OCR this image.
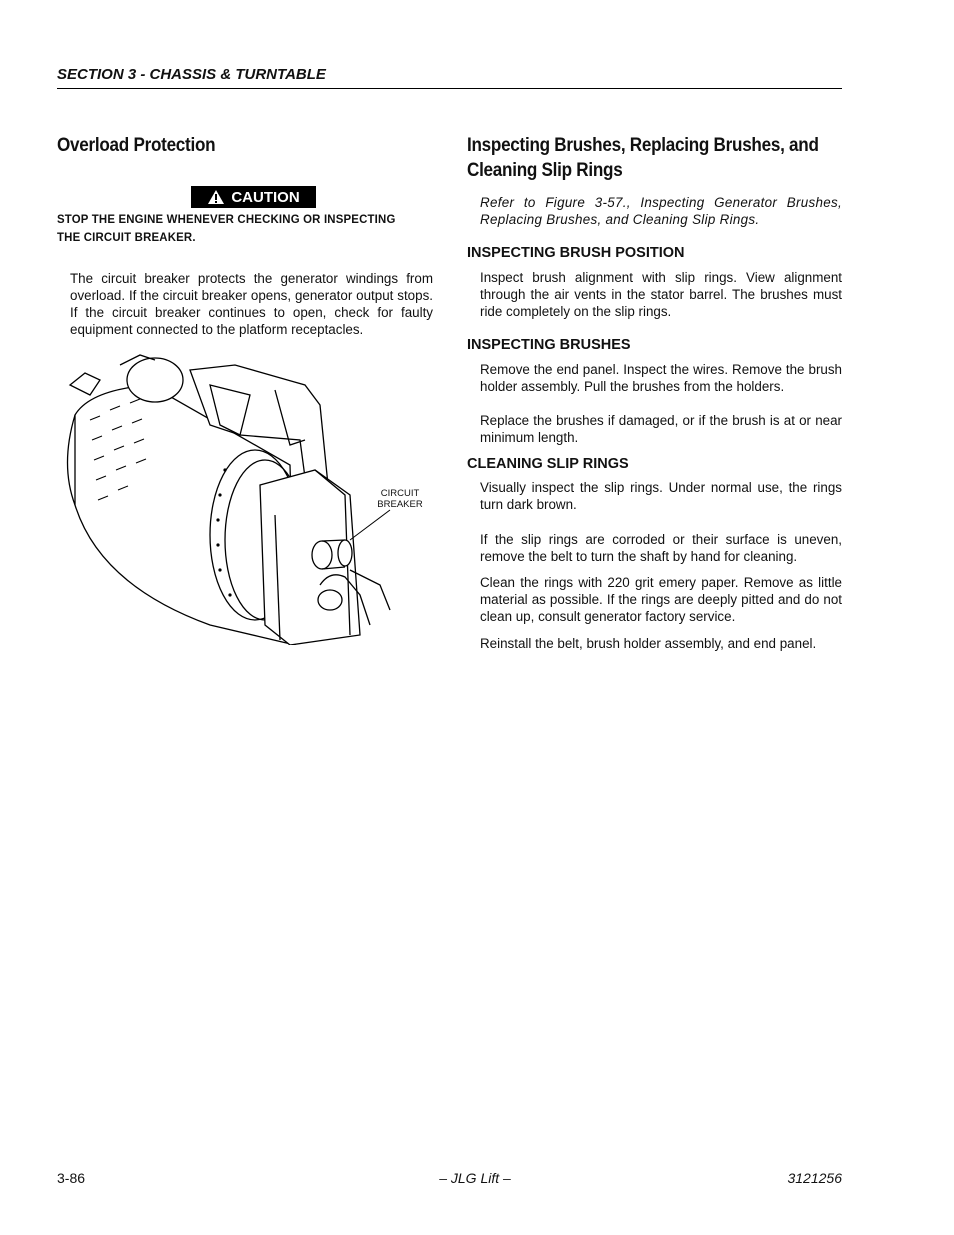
SECTION 3 - CHASSIS & TURNTABLE
Overload Protection
CAUTION
STOP THE ENGINE WHENEVER CHECKING OR INSPECTING THE CIRCUIT BREAKER.

The circuit breaker protects the generator windings from overload. If the circuit breaker opens, generator output stops. If the circuit breaker continues to open, check for faulty equipment connected to the platform receptacles.

CIRCUIT BREAKER
Inspecting Brushes, Replacing Brushes, and Cleaning Slip Rings

Refer to Figure 3-57., Inspecting Generator Brushes, Replacing Brushes, and Cleaning Slip Rings.

INSPECTING BRUSH POSITION

Inspect brush alignment with slip rings. View alignment through the air vents in the stator barrel. The brushes must ride completely on the slip rings.

INSPECTING BRUSHES

Remove the end panel. Inspect the wires. Remove the brush holder assembly. Pull the brushes from the holders.

Replace the brushes if damaged, or if the brush is at or near minimum length.

CLEANING SLIP RINGS

Visually inspect the slip rings. Under normal use, the rings turn dark brown.

If the slip rings are corroded or their surface is uneven, remove the belt to turn the shaft by hand for cleaning.

Clean the rings with 220 grit emery paper. Remove as little material as possible. If the rings are deeply pitted and do not clean up, consult generator factory service.

Reinstall the belt, brush holder assembly, and end panel.

3-86	– JLG Lift –	3121256
